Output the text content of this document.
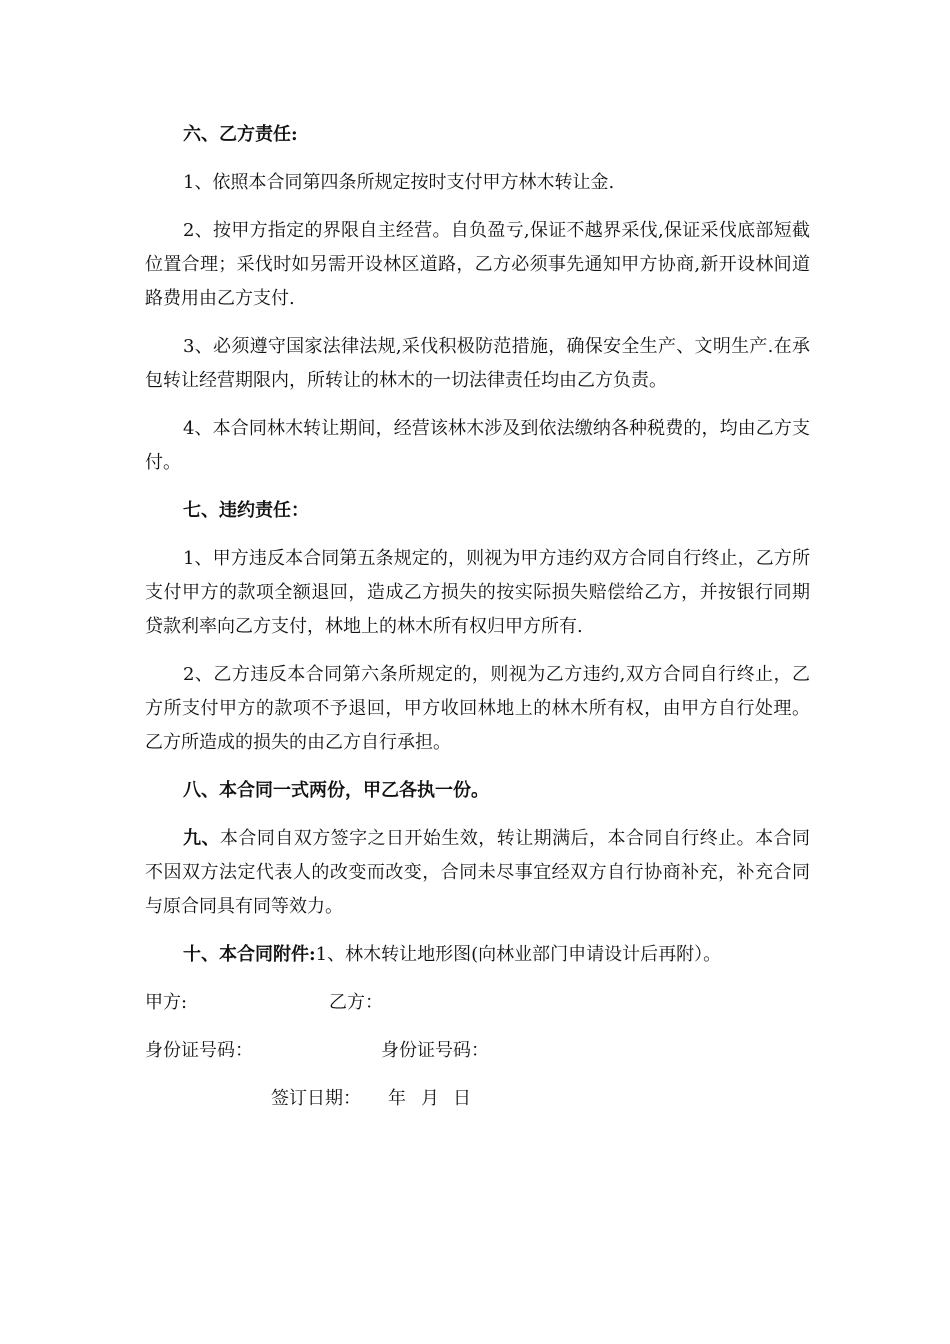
六、乙方责任:

1、依照本合同第四条所规定按时支付甲方林木转让金.

2、按甲方指定的界限自主经营。自负盈亏,保证不越界采伐,保证采伐底部短截位置合理；采伐时如另需开设林区道路，乙方必须事先通知甲方协商,新开设林间道路费用由乙方支付.

3、必须遵守国家法律法规,采伐积极防范措施，确保安全生产、文明生产.在承包转让经营期限内，所转让的林木的一切法律责任均由乙方负责。

4、本合同林木转让期间，经营该林木涉及到依法缴纳各种税费的，均由乙方支付。

七、违约责任：

1、甲方违反本合同第五条规定的，则视为甲方违约双方合同自行终止，乙方所支付甲方的款项全额退回，造成乙方损失的按实际损失赔偿给乙方，并按银行同期贷款利率向乙方支付，林地上的林木所有权归甲方所有.

2、乙方违反本合同第六条所规定的，则视为乙方违约,双方合同自行终止，乙方所支付甲方的款项不予退回，甲方收回林地上的林木所有权，由甲方自行处理。乙方所造成的损失的由乙方自行承担。

八、本合同一式两份，甲乙各执一份。

九、本合同自双方签字之日开始生效，转让期满后，本合同自行终止。本合同不因双方法定代表人的改变而改变，合同未尽事宜经双方自行协商补充，补充合同与原合同具有同等效力。

十、本合同附件:1、林木转让地形图(向林业部门申请设计后再附）。

甲方:	乙方：
身份证号码：	身份证号码：
签订日期： 年 月 日
